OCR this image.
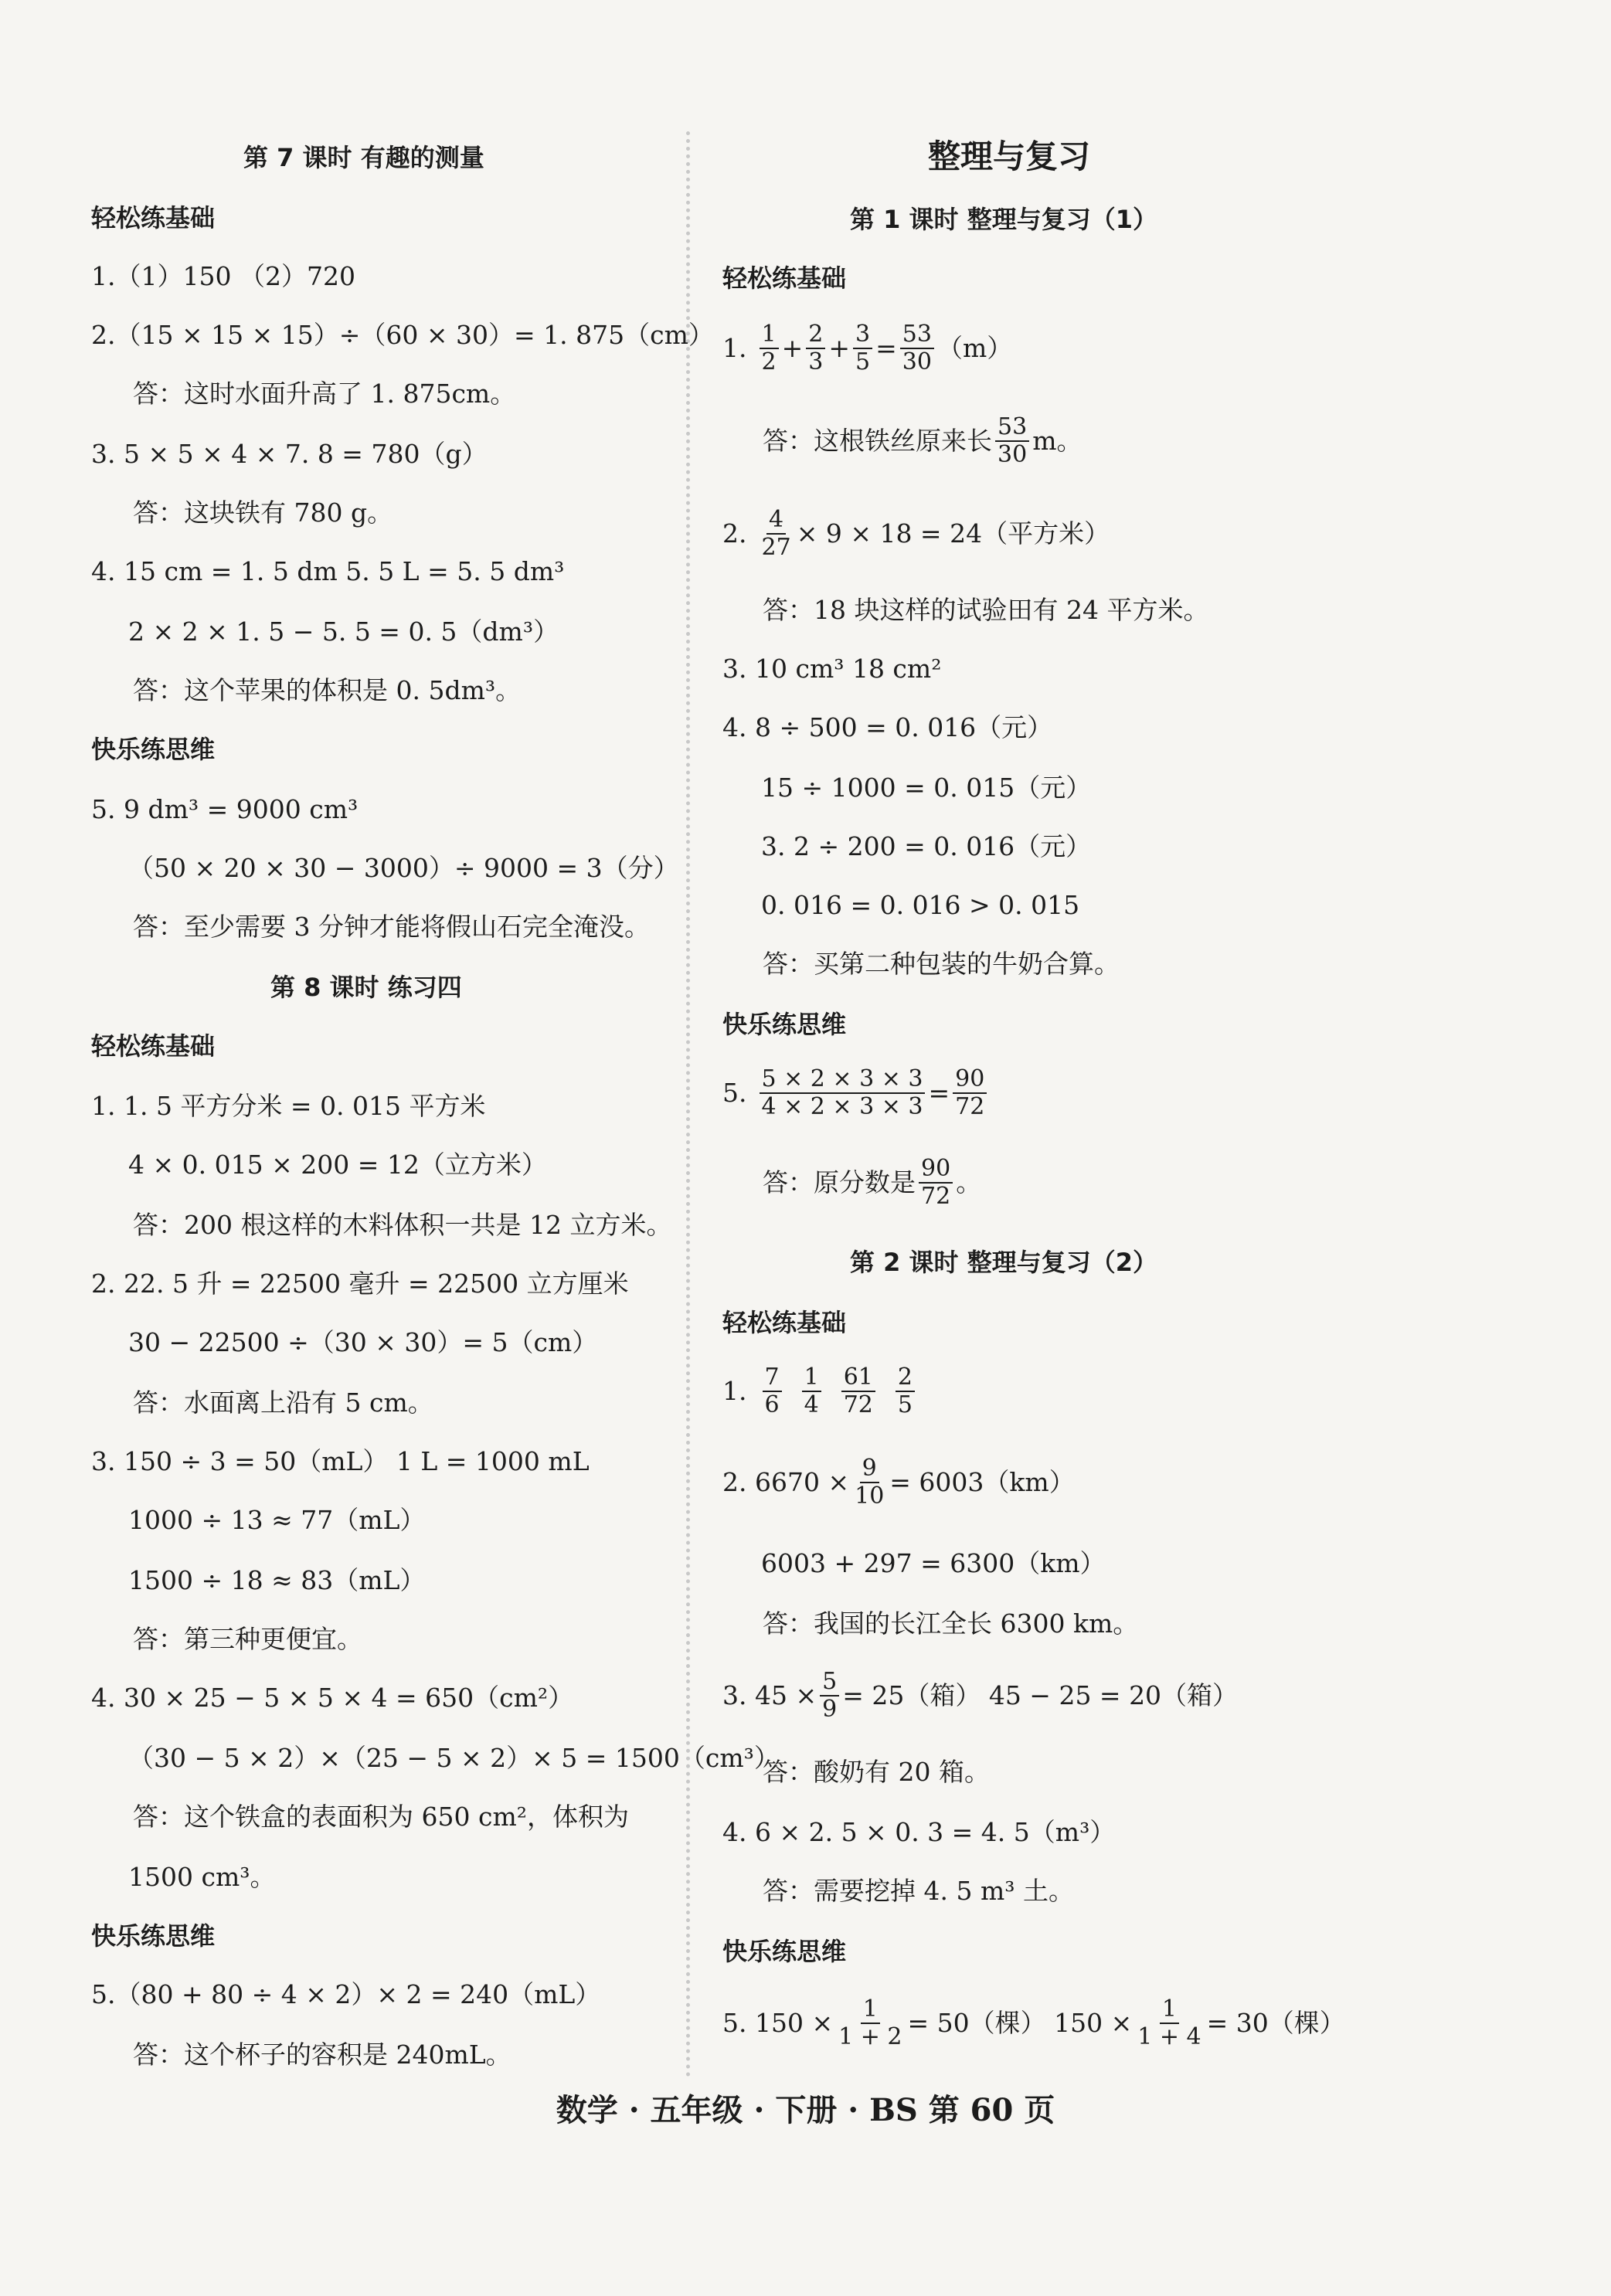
第 7 课时 有趣的测量
轻松练基础
1.（1）150 （2）720
2.（15 × 15 × 15）÷（60 × 30）= 1. 875（cm）
答：这时水面升高了 1. 875cm。
3. 5 × 5 × 4 × 7. 8 = 780（g）
答：这块铁有 780 g。
4. 15 cm = 1. 5 dm 5. 5 L = 5. 5 dm³
2 × 2 × 1. 5 − 5. 5 = 0. 5（dm³）
答：这个苹果的体积是 0. 5dm³。
快乐练思维
5. 9 dm³ = 9000 cm³
（50 × 20 × 30 − 3000）÷ 9000 = 3（分）
答：至少需要 3 分钟才能将假山石完全淹没。
第 8 课时 练习四
轻松练基础
1. 1. 5 平方分米 = 0. 015 平方米
4 × 0. 015 × 200 = 12（立方米）
答：200 根这样的木料体积一共是 12 立方米。
2. 22. 5 升 = 22500 毫升 = 22500 立方厘米
30 − 22500 ÷（30 × 30）= 5（cm）
答：水面离上沿有 5 cm。
3. 150 ÷ 3 = 50（mL） 1 L = 1000 mL
1000 ÷ 13 ≈ 77（mL）
1500 ÷ 18 ≈ 83（mL）
答：第三种更便宜。
4. 30 × 25 − 5 × 5 × 4 = 650（cm²）
（30 − 5 × 2）×（25 − 5 × 2）× 5 = 1500（cm³）
答：这个铁盒的表面积为 650 cm²，体积为
1500 cm³。
快乐练思维
5.（80 + 80 ÷ 4 × 2）× 2 = 240（mL）
答：这个杯子的容积是 240mL。
整理与复习
第 1 课时 整理与复习（1）
轻松练基础
1. $\frac{1}{2} + \frac{2}{3} + \frac{3}{5} = \frac{53}{30} (m)$
答：这根铁丝原来长 $\frac{53}{30}$ m。
2. $\frac{4}{27} \times 9 \times 18 = 24$（平方米）
答：18 块这样的试验田有 24 平方米。
3. 10 cm³ 18 cm²
4. 8 ÷ 500 = 0. 016（元）
15 ÷ 1000 = 0. 015（元）
3. 2 ÷ 200 = 0. 016（元）
0. 016 = 0. 016 > 0. 015
答：买第二种包装的牛奶合算。
快乐练思维
5. $\frac{5 \times 2 \times 3 \times 3}{4 \times 2 \times 3 \times 3} = \frac{90}{72}$
答：原分数是 $\frac{90}{72}$ 。
第 2 课时 整理与复习（2）
轻松练基础
1. $\frac{7}{6} \frac{1}{4} \frac{61}{72} \frac{2}{5}$
2. $6670 \times \frac{9}{10} = 6003(km)$
6003 + 297 = 6300（km）
答：我国的长江全长 6300 km。
3. $45 \times \frac{5}{9} = 25$（箱） 45 − 25 = 20（箱）
答：酸奶有 20 箱。
4. 6 × 2. 5 × 0. 3 = 4. 5（m³）
答：需要挖掉 4. 5 m³ 土。
快乐练思维
5. $150 \times \frac{1}{1 + 2} = 50$（棵） $150 \times \frac{1}{1 + 4} = 30$（棵）
数学 · 五年级 · 下册 · BS 第 60 页
